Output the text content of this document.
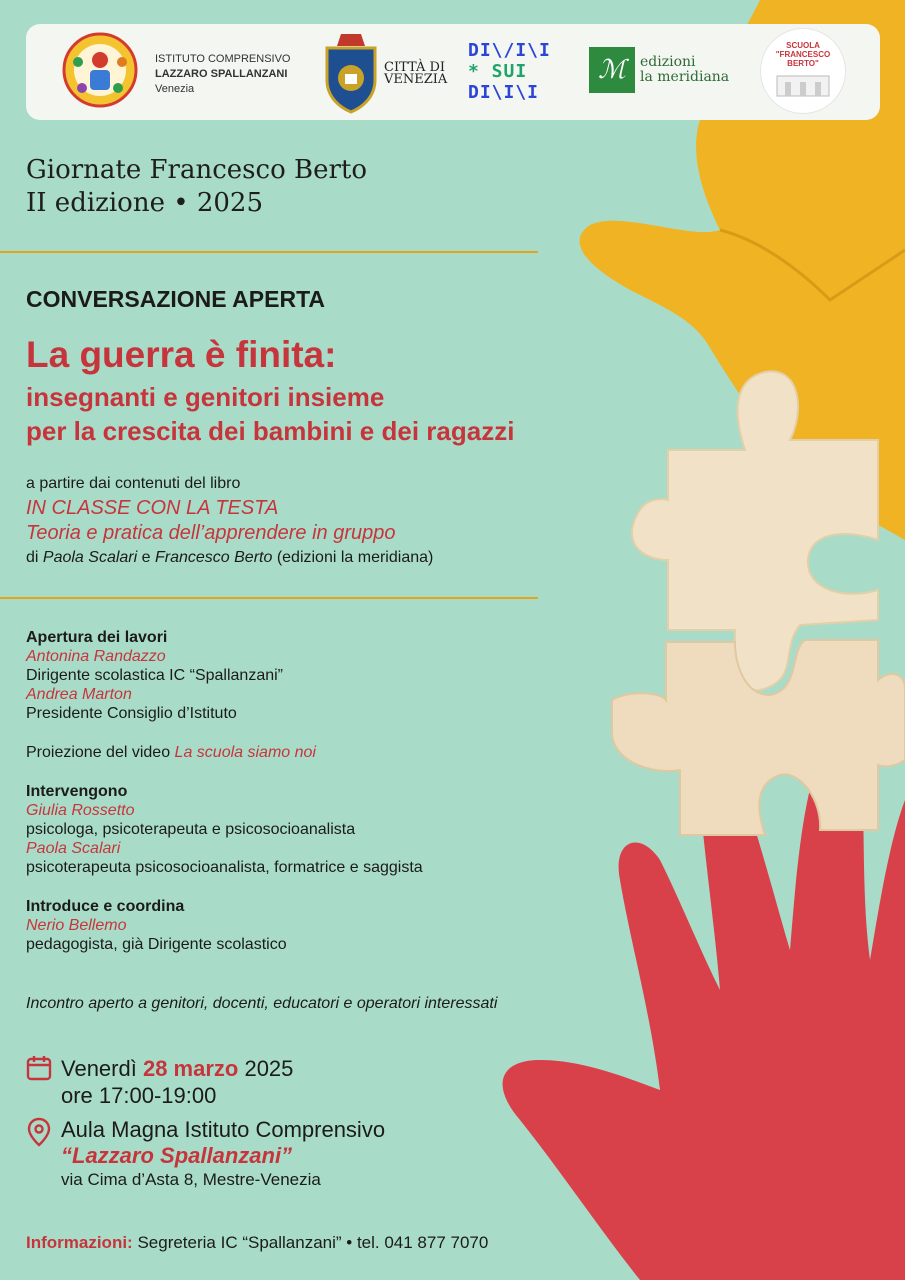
ISTITUTO COMPRENSIVO
LAZZARO SPALLANZANI
Venezia
CITTÀ DI
VENEZIA
DI\/I\I
* SUI
DI\I\I
ℳ	edizioni
la meridiana
SCUOLA
"FRANCESCO
BERTO"
Giornate Francesco Berto
II edizione • 2025
CONVERSAZIONE APERTA
La guerra è finita:
insegnanti e genitori insieme
per la crescita dei bambini e dei ragazzi
a partire dai contenuti del libro
IN CLASSE CON LA TESTA
Teoria e pratica dell’apprendere in gruppo
di Paola Scalari e Francesco Berto (edizioni la meridiana)
Apertura dei lavori
Antonina Randazzo
Dirigente scolastica IC “Spallanzani”
Andrea Marton
Presidente Consiglio d’Istituto
Proiezione del video La scuola siamo noi
Intervengono
Giulia Rossetto
psicologa, psicoterapeuta e psicosocioanalista
Paola Scalari
psicoterapeuta psicosocioanalista, formatrice e saggista
Introduce e coordina
Nerio Bellemo
pedagogista, già Dirigente scolastico
Incontro aperto a genitori, docenti, educatori e operatori interessati
Venerdì 28 marzo 2025
ore 17:00-19:00
Aula Magna Istituto Comprensivo
“Lazzaro Spallanzani”
via Cima d’Asta 8, Mestre-Venezia
Informazioni: Segreteria IC “Spallanzani” • tel. 041 877 7070
